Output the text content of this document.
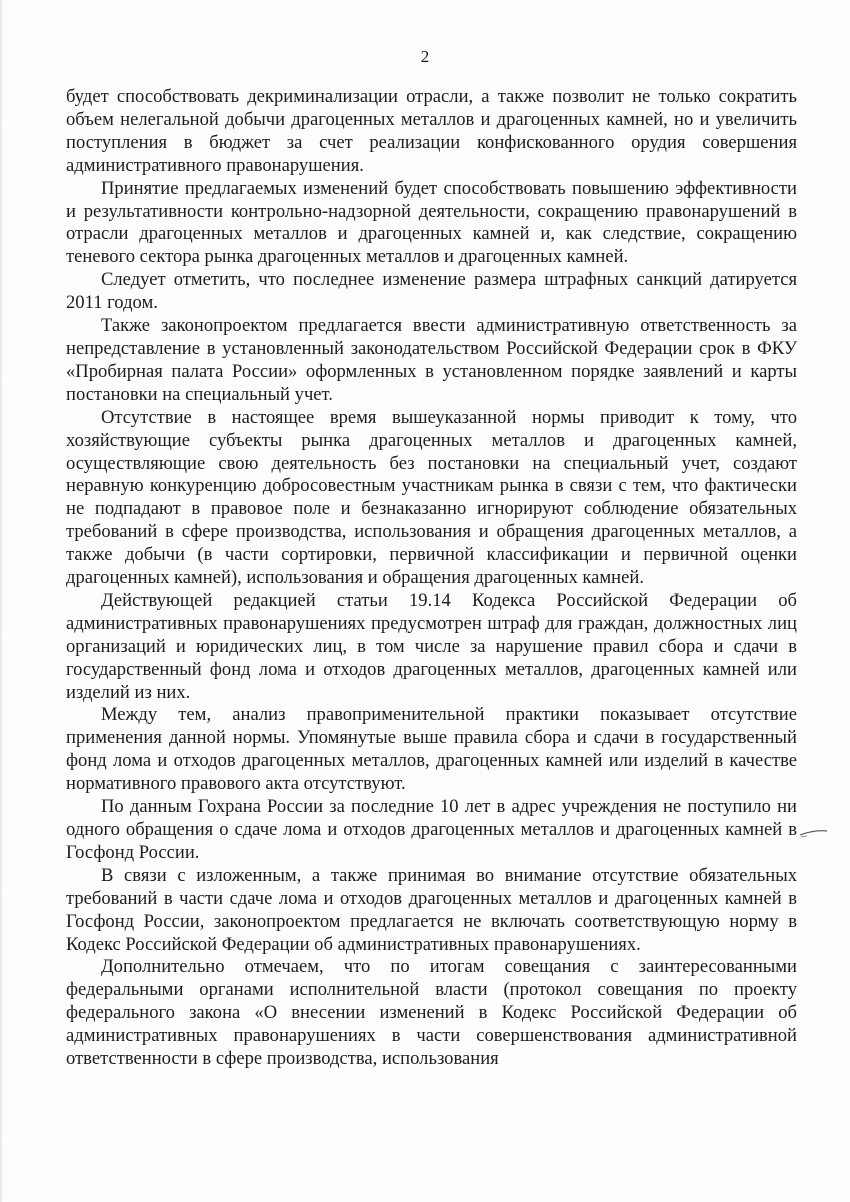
2

будет способствовать декриминализации отрасли, а также позволит не только сократить объем нелегальной добычи драгоценных металлов и драгоценных камней, но и увеличить поступления в бюджет за счет реализации конфискованного орудия совершения административного правонарушения.

Принятие предлагаемых изменений будет способствовать повышению эффективности и результативности контрольно-надзорной деятельности, сокращению правонарушений в отрасли драгоценных металлов и драгоценных камней и, как следствие, сокращению теневого сектора рынка драгоценных металлов и драгоценных камней.

Следует отметить, что последнее изменение размера штрафных санкций датируется 2011 годом.

Также законопроектом предлагается ввести административную ответственность за непредставление в установленный законодательством Российской Федерации срок в ФКУ «Пробирная палата России» оформленных в установленном порядке заявлений и карты постановки на специальный учет.

Отсутствие в настоящее время вышеуказанной нормы приводит к тому, что хозяйствующие субъекты рынка драгоценных металлов и драгоценных камней, осуществляющие свою деятельность без постановки на специальный учет, создают неравную конкуренцию добросовестным участникам рынка в связи с тем, что фактически не подпадают в правовое поле и безнаказанно игнорируют соблюдение обязательных требований в сфере производства, использования и обращения драгоценных металлов, а также добычи (в части сортировки, первичной классификации и первичной оценки драгоценных камней), использования и обращения драгоценных камней.

Действующей редакцией статьи 19.14 Кодекса Российской Федерации об административных правонарушениях предусмотрен штраф для граждан, должностных лиц организаций и юридических лиц, в том числе за нарушение правил сбора и сдачи в государственный фонд лома и отходов драгоценных металлов, драгоценных камней или изделий из них.

Между тем, анализ правоприменительной практики показывает отсутствие применения данной нормы. Упомянутые выше правила сбора и сдачи в государственный фонд лома и отходов драгоценных металлов, драгоценных камней или изделий в качестве нормативного правового акта отсутствуют.

По данным Гохрана России за последние 10 лет в адрес учреждения не поступило ни одного обращения о сдаче лома и отходов драгоценных металлов и драгоценных камней в Госфонд России.

В связи с изложенным, а также принимая во внимание отсутствие обязательных требований в части сдаче лома и отходов драгоценных металлов и драгоценных камней в Госфонд России, законопроектом предлагается не включать соответствующую норму в Кодекс Российской Федерации об административных правонарушениях.

Дополнительно отмечаем, что по итогам совещания с заинтересованными федеральными органами исполнительной власти (протокол совещания по проекту федерального закона «О внесении изменений в Кодекс Российской Федерации об административных правонарушениях в части совершенствования административной ответственности в сфере производства, использования
